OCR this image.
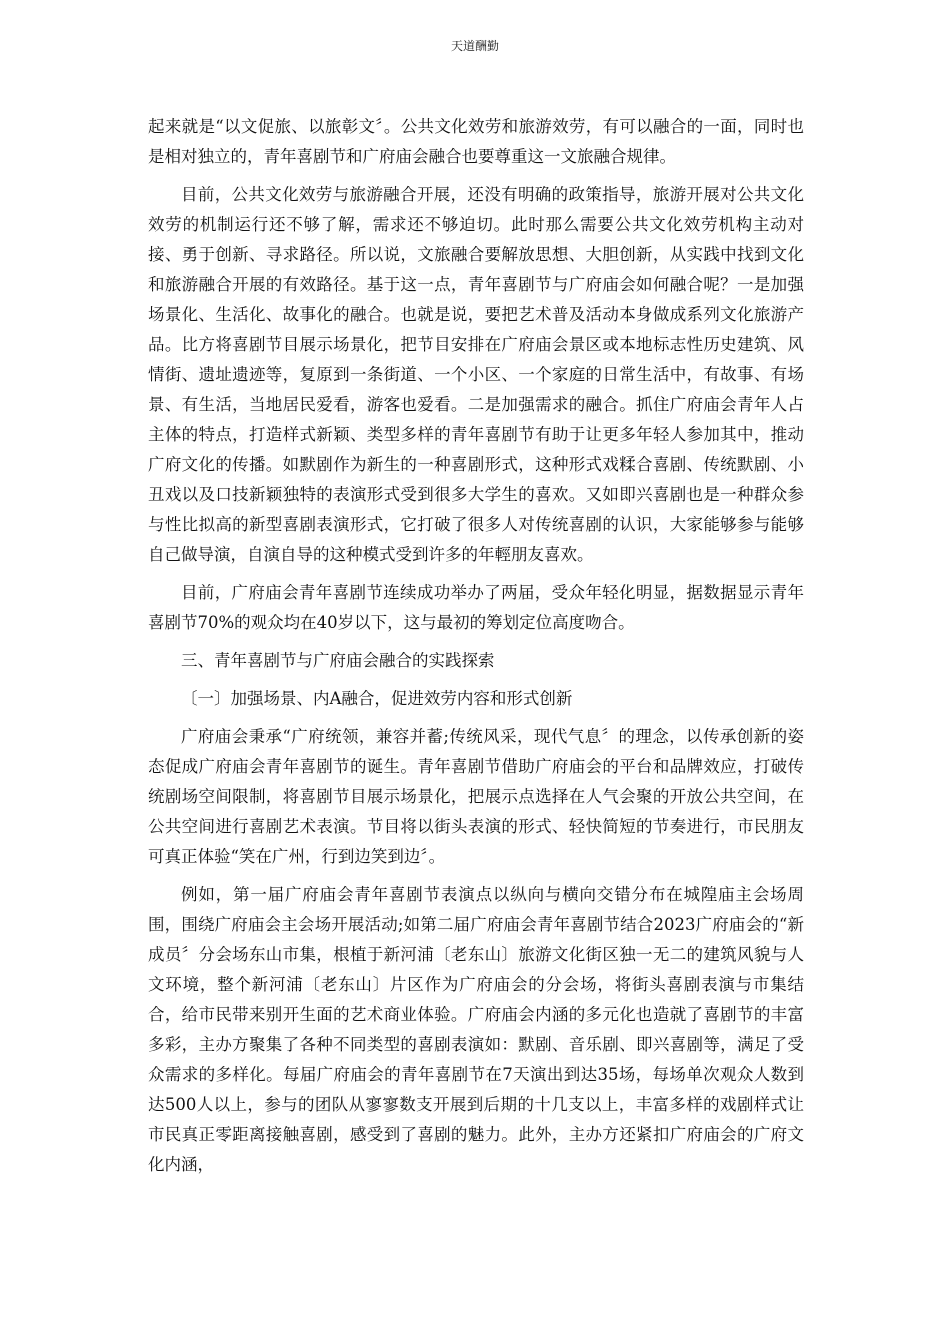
天道酬勤

起来就是“以文促旅、以旅彰文〞。公共文化效劳和旅游效劳，有可以融合的一面，同时也是相对独立的，青年喜剧节和广府庙会融合也要尊重这一文旅融合规律。

目前，公共文化效劳与旅游融合开展，还没有明确的政策指导，旅游开展对公共文化效劳的机制运行还不够了解，需求还不够迫切。此时那么需要公共文化效劳机构主动对接、勇于创新、寻求路径。所以说，文旅融合要解放思想、大胆创新，从实践中找到文化和旅游融合开展的有效路径。基于这一点，青年喜剧节与广府庙会如何融合呢？一是加强场景化、生活化、故事化的融合。也就是说，要把艺术普及活动本身做成系列文化旅游产品。比方将喜剧节目展示场景化，把节目安排在广府庙会景区或本地标志性历史建筑、风情街、遗址遗迹等，复原到一条街道、一个小区、一个家庭的日常生活中，有故事、有场景、有生活，当地居民爱看，游客也爱看。二是加强需求的融合。抓住广府庙会青年人占主体的特点，打造样式新颖、类型多样的青年喜剧节有助于让更多年轻人参加其中，推动广府文化的传播。如默剧作为新生的一种喜剧形式，这种形式戏糅合喜剧、传统默剧、小丑戏以及口技新颖独特的表演形式受到很多大学生的喜欢。又如即兴喜剧也是一种群众参与性比拟高的新型喜剧表演形式，它打破了很多人对传统喜剧的认识，大家能够参与能够自己做导演，自演自导的这种模式受到许多的年輕朋友喜欢。

目前，广府庙会青年喜剧节连续成功举办了两届，受众年轻化明显，据数据显示青年喜剧节70%的观众均在40岁以下，这与最初的筹划定位高度吻合。

三、青年喜剧节与广府庙会融合的实践探索

〔一〕加强场景、内A融合，促进效劳内容和形式创新

广府庙会秉承“广府统领，兼容并蓄;传统风采，现代气息〞的理念，以传承创新的姿态促成广府庙会青年喜剧节的诞生。青年喜剧节借助广府庙会的平台和品牌效应，打破传统剧场空间限制，将喜剧节目展示场景化，把展示点选择在人气会聚的开放公共空间，在公共空间进行喜剧艺术表演。节目将以街头表演的形式、轻快简短的节奏进行，市民朋友可真正体验“笑在广州，行到边笑到边〞。

例如，第一届广府庙会青年喜剧节表演点以纵向与横向交错分布在城隍庙主会场周围，围绕广府庙会主会场开展活动;如第二届广府庙会青年喜剧节结合2023广府庙会的“新成员〞分会场东山市集，根植于新河浦〔老东山〕旅游文化街区独一无二的建筑风貌与人文环境，整个新河浦〔老东山〕片区作为广府庙会的分会场，将街头喜剧表演与市集结合，给市民带来别开生面的艺术商业体验。广府庙会内涵的多元化也造就了喜剧节的丰富多彩，主办方聚集了各种不同类型的喜剧表演如：默剧、音乐剧、即兴喜剧等，满足了受众需求的多样化。每届广府庙会的青年喜剧节在7天演出到达35场，每场单次观众人数到达500人以上，参与的团队从寥寥数支开展到后期的十几支以上，丰富多样的戏剧样式让市民真正零距离接触喜剧，感受到了喜剧的魅力。此外，主办方还紧扣广府庙会的广府文化内涵，
